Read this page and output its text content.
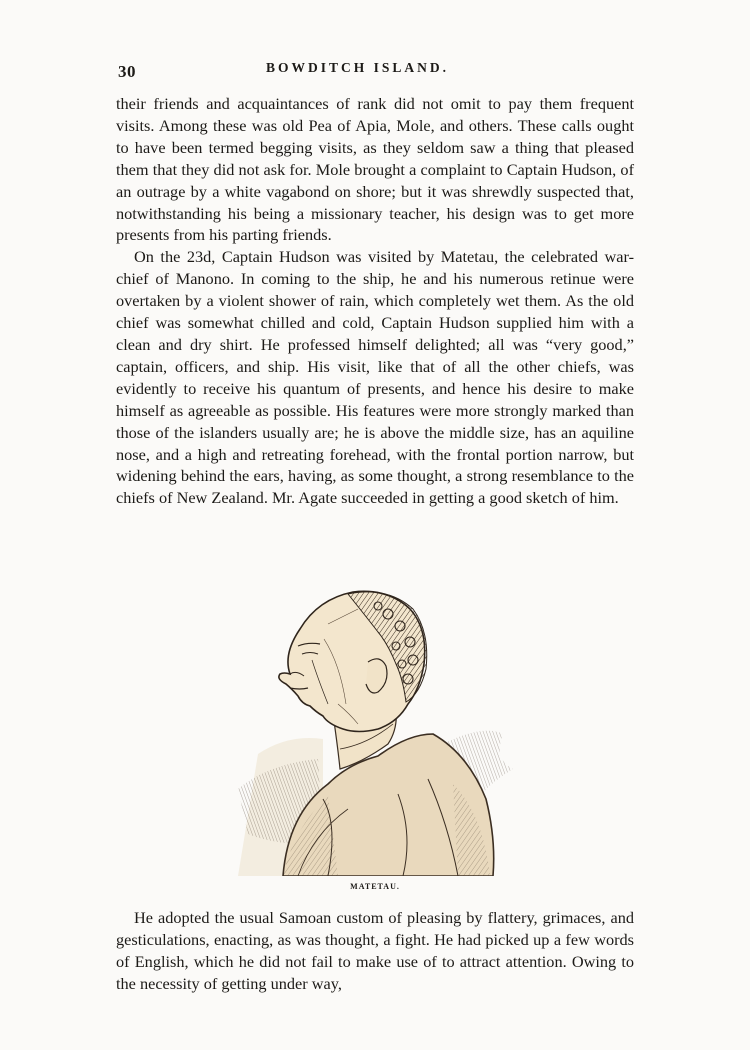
30	BOWDITCH ISLAND.

their friends and acquaintances of rank did not omit to pay them frequent visits. Among these was old Pea of Apia, Mole, and others. These calls ought to have been termed begging visits, as they seldom saw a thing that pleased them that they did not ask for. Mole brought a complaint to Captain Hudson, of an outrage by a white vagabond on shore; but it was shrewdly suspected that, notwithstanding his being a missionary teacher, his design was to get more presents from his parting friends.

On the 23d, Captain Hudson was visited by Matetau, the celebrated war-chief of Manono. In coming to the ship, he and his numerous retinue were overtaken by a violent shower of rain, which completely wet them. As the old chief was somewhat chilled and cold, Captain Hudson supplied him with a clean and dry shirt. He professed himself delighted; all was “very good,” captain, officers, and ship. His visit, like that of all the other chiefs, was evidently to receive his quantum of presents, and hence his desire to make himself as agreeable as possible. His features were more strongly marked than those of the islanders usually are; he is above the middle size, has an aquiline nose, and a high and retreating forehead, with the frontal portion narrow, but widening behind the ears, having, as some thought, a strong resemblance to the chiefs of New Zealand. Mr. Agate succeeded in getting a good sketch of him.

MATETAU.

He adopted the usual Samoan custom of pleasing by flattery, grimaces, and gesticulations, enacting, as was thought, a fight. He had picked up a few words of English, which he did not fail to make use of to attract attention. Owing to the necessity of getting under way,
